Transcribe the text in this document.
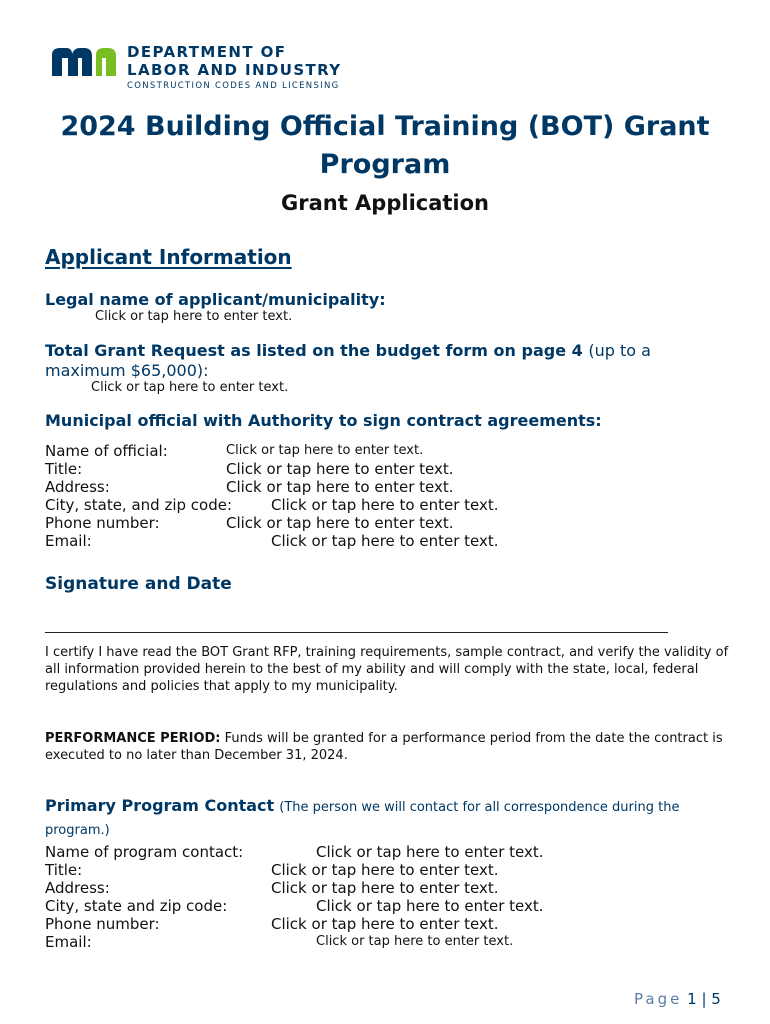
DEPARTMENT OF
LABOR AND INDUSTRY
CONSTRUCTION CODES AND LICENSING
2024 Building Official Training (BOT) Grant Program
Grant Application
Applicant Information
Legal name of applicant/municipality:
Click or tap here to enter text.
Total Grant Request as listed on the budget form on page 4 (up to a maximum $65,000):
Click or tap here to enter text.
Municipal official with Authority to sign contract agreements:
Name of official:	Click or tap here to enter text.
Title:	Click or tap here to enter text.
Address:	Click or tap here to enter text.
City, state, and zip code:	Click or tap here to enter text.
Phone number:	Click or tap here to enter text.
Email:	Click or tap here to enter text.
Signature and Date
I certify I have read the BOT Grant RFP, training requirements, sample contract, and verify the validity of all information provided herein to the best of my ability and will comply with the state, local, federal regulations and policies that apply to my municipality.
PERFORMANCE PERIOD: Funds will be granted for a performance period from the date the contract is executed to no later than December 31, 2024.
Primary Program Contact (The person we will contact for all correspondence during the program.)
Name of program contact:	Click or tap here to enter text.
Title:	Click or tap here to enter text.
Address:	Click or tap here to enter text.
City, state and zip code:	Click or tap here to enter text.
Phone number:	Click or tap here to enter text.
Email:	Click or tap here to enter text.
Page 1 | 5
